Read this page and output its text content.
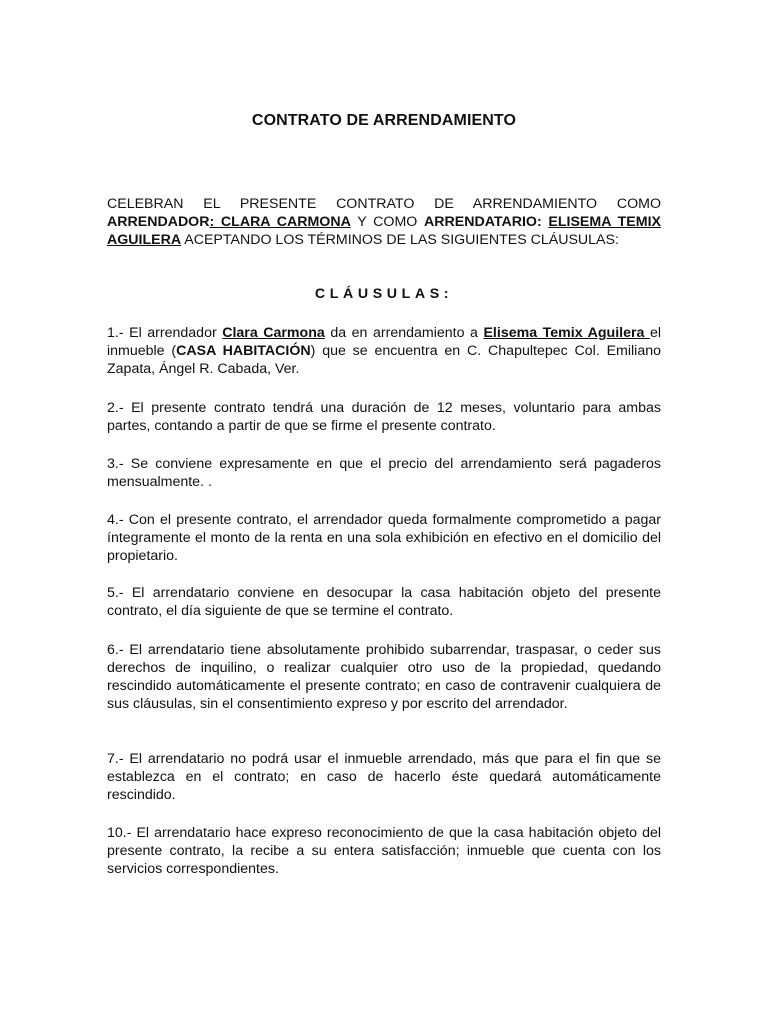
CONTRATO DE ARRENDAMIENTO
CELEBRAN EL PRESENTE CONTRATO DE ARRENDAMIENTO COMO ARRENDADOR: CLARA CARMONA Y COMO ARRENDATARIO: ELISEMA TEMIX AGUILERA ACEPTANDO LOS TÉRMINOS DE LAS SIGUIENTES CLÁUSULAS:
CLÁUSULAS:
1.- El arrendador Clara Carmona da en arrendamiento a Elisema Temix Aguilera el inmueble (CASA HABITACIÓN) que se encuentra en C. Chapultepec Col. Emiliano Zapata, Ángel R. Cabada, Ver.
2.- El presente contrato tendrá una duración de 12 meses, voluntario para ambas partes, contando a partir de que se firme el presente contrato.
3.- Se conviene expresamente en que el precio del arrendamiento será pagaderos mensualmente. .
4.- Con el presente contrato, el arrendador queda formalmente comprometido a pagar íntegramente el monto de la renta en una sola exhibición en efectivo en el domicilio del propietario.
5.- El arrendatario conviene en desocupar la casa habitación objeto del presente contrato, el día siguiente de que se termine el contrato.
6.- El arrendatario tiene absolutamente prohibido subarrendar, traspasar, o ceder sus derechos de inquilino, o realizar cualquier otro uso de la propiedad, quedando rescindido automáticamente el presente contrato; en caso de contravenir cualquiera de sus cláusulas, sin el consentimiento expreso y por escrito del arrendador.
7.- El arrendatario no podrá usar el inmueble arrendado, más que para el fin que se establezca en el contrato; en caso de hacerlo éste quedará automáticamente rescindido.
10.- El arrendatario hace expreso reconocimiento de que la casa habitación objeto del presente contrato, la recibe a su entera satisfacción; inmueble que cuenta con los servicios correspondientes.
